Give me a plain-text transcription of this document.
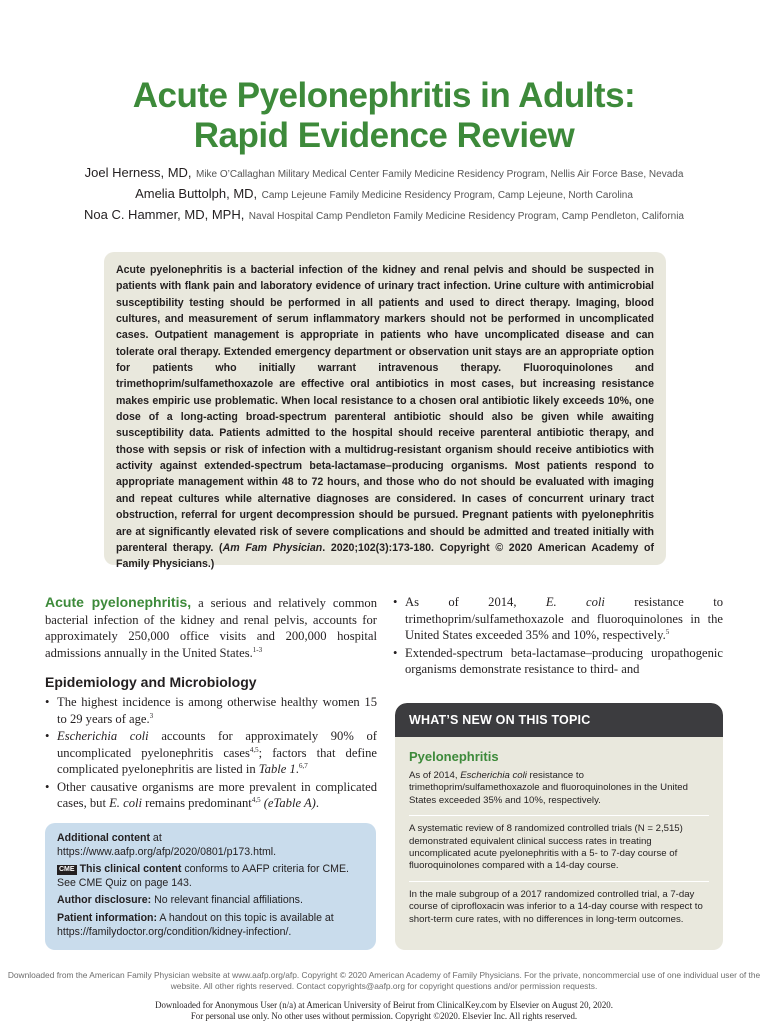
Acute Pyelonephritis in Adults:
Rapid Evidence Review
Joel Herness, MD, Mike O’Callaghan Military Medical Center Family Medicine Residency Program, Nellis Air Force Base, Nevada
Amelia Buttolph, MD, Camp Lejeune Family Medicine Residency Program, Camp Lejeune, North Carolina
Noa C. Hammer, MD, MPH, Naval Hospital Camp Pendleton Family Medicine Residency Program, Camp Pendleton, California
Acute pyelonephritis is a bacterial infection of the kidney and renal pelvis and should be suspected in patients with flank pain and laboratory evidence of urinary tract infection. Urine culture with antimicrobial susceptibility testing should be performed in all patients and used to direct therapy. Imaging, blood cultures, and measurement of serum inflammatory markers should not be performed in uncomplicated cases. Outpatient management is appropriate in patients who have uncomplicated disease and can tolerate oral therapy. Extended emergency department or observation unit stays are an appropriate option for patients who initially warrant intravenous therapy. Fluoroquinolones and trimethoprim/sulfamethoxazole are effective oral antibiotics in most cases, but increasing resistance makes empiric use problematic. When local resistance to a chosen oral antibiotic likely exceeds 10%, one dose of a long-acting broad-spectrum parenteral antibiotic should also be given while awaiting susceptibility data. Patients admitted to the hospital should receive parenteral antibiotic therapy, and those with sepsis or risk of infection with a multidrug-resistant organism should receive antibiotics with activity against extended-spectrum beta-lactamase–producing organisms. Most patients respond to appropriate management within 48 to 72 hours, and those who do not should be evaluated with imaging and repeat cultures while alternative diagnoses are considered. In cases of concurrent urinary tract obstruction, referral for urgent decompression should be pursued. Pregnant patients with pyelonephritis are at significantly elevated risk of severe complications and should be admitted and treated initially with parenteral therapy. (Am Fam Physician. 2020;102(3):173-180. Copyright © 2020 American Academy of Family Physicians.)

Acute pyelonephritis, a serious and relatively common bacterial infection of the kidney and renal pelvis, accounts for approximately 250,000 office visits and 200,000 hospital admissions annually in the United States.$^{1-3}$

Epidemiology and Microbiology
• The highest incidence is among otherwise healthy women 15 to 29 years of age.$^3$
• Escherichia coli accounts for approximately 90% of uncomplicated pyelonephritis cases$^{4,5}$; factors that define complicated pyelonephritis are listed in Table 1.$^{6,7}$
• Other causative organisms are more prevalent in complicated cases, but E. coli remains predominant$^{4,5}$ (eTable A).

Additional content at https://www.aafp.org/afp/2020/0801/p173.html.

CME This clinical content conforms to AAFP criteria for CME. See CME Quiz on page 143.

Author disclosure: No relevant financial affiliations.

Patient information: A handout on this topic is available at https://familydoctor.org/condition/kidney-infection/.

• As of 2014, E. coli resistance to trimethoprim/sulfamethoxazole and fluoroquinolones in the United States exceeded 35% and 10%, respectively.$^5$
• Extended-spectrum beta-lactamase–producing uropathogenic organisms demonstrate resistance to third- and
WHAT’S NEW ON THIS TOPIC
Pyelonephritis
As of 2014, Escherichia coli resistance to trimethoprim/sulfamethoxazole and fluoroquinolones in the United States exceeded 35% and 10%, respectively.
A systematic review of 8 randomized controlled trials (N = 2,515) demonstrated equivalent clinical success rates in treating uncomplicated acute pyelonephritis with a 5- to 7-day course of fluoroquinolones compared with a 14-day course.
In the male subgroup of a 2017 randomized controlled trial, a 7-day course of ciprofloxacin was inferior to a 14-day course with respect to short-term cure rates, with no differences in long-term outcomes.
Downloaded from the American Family Physician website at www.aafp.org/afp. Copyright © 2020 American Academy of Family Physicians. For the private, noncommercial use of one individual user of the website. All other rights reserved. Contact copyrights@aafp.org for copyright questions and/or permission requests.
Downloaded for Anonymous User (n/a) at American University of Beirut from ClinicalKey.com by Elsevier on August 20, 2020.
For personal use only. No other uses without permission. Copyright ©2020. Elsevier Inc. All rights reserved.
